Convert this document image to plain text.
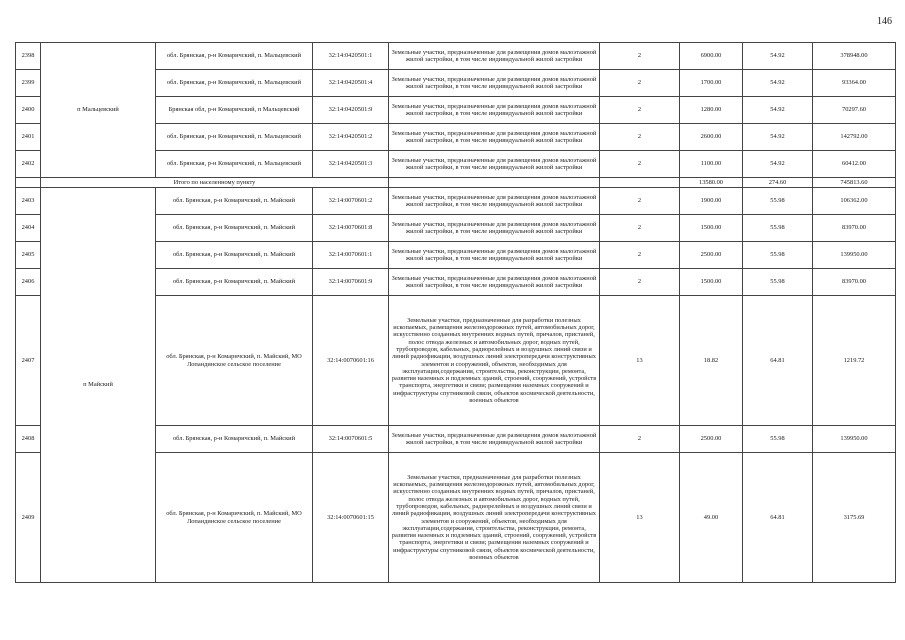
146
2398	п Мальцевский	обл. Брянская, р-н Комаричский, п. Мальцевский	32:14:0420501:1	Земельные участки, предназначенные для размещения домов малоэтажной жилой застройки, в том числе индивидуальной жилой застройки	2	6900.00	54.92	378948.00
2399		обл. Брянская, р-н Комаричский, п. Мальцевский	32:14:0420501:4	Земельные участки, предназначенные для размещения домов малоэтажной жилой застройки, в том числе индивидуальной жилой застройки	2	1700.00	54.92	93364.00
2400		Брянская обл, р-н Комаричский, п Мальцевский	32:14:0420501:9	Земельные участки, предназначенные для размещения домов малоэтажной жилой застройки, в том числе индивидуальной жилой застройки	2	1280.00	54.92	70297.60
2401		обл. Брянская, р-н Комаричский, п. Мальцевский	32:14:0420501:2	Земельные участки, предназначенные для размещения домов малоэтажной жилой застройки, в том числе индивидуальной жилой застройки	2	2600.00	54.92	142792.00
2402		обл. Брянская, р-н Комаричский, п. Мальцевский	32:14:0420501:3	Земельные участки, предназначенные для размещения домов малоэтажной жилой застройки, в том числе индивидуальной жилой застройки	2	1100.00	54.92	60412.00
	Итого по населенному пункту					13580.00	274.60	745813.60
2403	п Майский	обл. Брянская, р-н Комаричский, п. Майский	32:14:0070601:2	Земельные участки, предназначенные для размещения домов малоэтажной жилой застройки, в том числе индивидуальной жилой застройки	2	1900.00	55.98	106362.00
2404		обл. Брянская, р-н Комаричский, п. Майский	32:14:0070601:8	Земельные участки, предназначенные для размещения домов малоэтажной жилой застройки, в том числе индивидуальной жилой застройки	2	1500.00	55.98	83970.00
2405		обл. Брянская, р-н Комаричский, п. Майский	32:14:0070601:1	Земельные участки, предназначенные для размещения домов малоэтажной жилой застройки, в том числе индивидуальной жилой застройки	2	2500.00	55.98	139950.00
2406		обл. Брянская, р-н Комаричский, п. Майский	32:14:0070601:9	Земельные участки, предназначенные для размещения домов малоэтажной жилой застройки, в том числе индивидуальной жилой застройки	2	1500.00	55.98	83970.00
2407		обл. Брянская, р-н Комаричский, п. Майский, МО Лопандинское сельское поселение	32:14:0070601:16	Земельные участки, предназначенные для разработки полезных ископаемых, размещения железнодорожных путей, автомобильных дорог, искусственно созданных внутренних водных путей, причалов, пристаней, полос отвода железных и автомобильных дорог, водных путей, трубопроводов, кабельных, радиорелейных и воздушных линий связи и линий радиофикации, воздушных линий электропередачи конструктивных элементов и сооружений, объектов, необходимых для эксплуатации,содержания, строительства, реконструкции, ремонта, развития наземных и подземных зданий, строений, сооружений, устройств транспорта, энергетики и связи; размещения наземных сооружений и инфраструктуры спутниковой связи, объектов космической деятельности, военных объектов	13	18.82	64.81	1219.72
2408		обл. Брянская, р-н Комаричский, п. Майский	32:14:0070601:5	Земельные участки, предназначенные для размещения домов малоэтажной жилой застройки, в том числе индивидуальной жилой застройки	2	2500.00	55.98	139950.00
2409		обл. Брянская, р-н Комаричский, п. Майский, МО Лопандинское сельское поселение	32:14:0070601:15	Земельные участки, предназначенные для разработки полезных ископаемых, размещения железнодорожных путей, автомобильных дорог, искусственно созданных внутренних водных путей, причалов, пристаней, полос отвода железных и автомобильных дорог, водных путей, трубопроводов, кабельных, радиорелейных и воздушных линий связи и линий радиофикации, воздушных линий электропередачи конструктивных элементов и сооружений, объектов, необходимых для эксплуатации,содержания, строительства, реконструкции, ремонта, развития наземных и подземных зданий, строений, сооружений, устройств транспорта, энергетики и связи; размещения наземных сооружений и инфраструктуры спутниковой связи, объектов космической деятельности, военных объектов	13	49.00	64.81	3175.69
